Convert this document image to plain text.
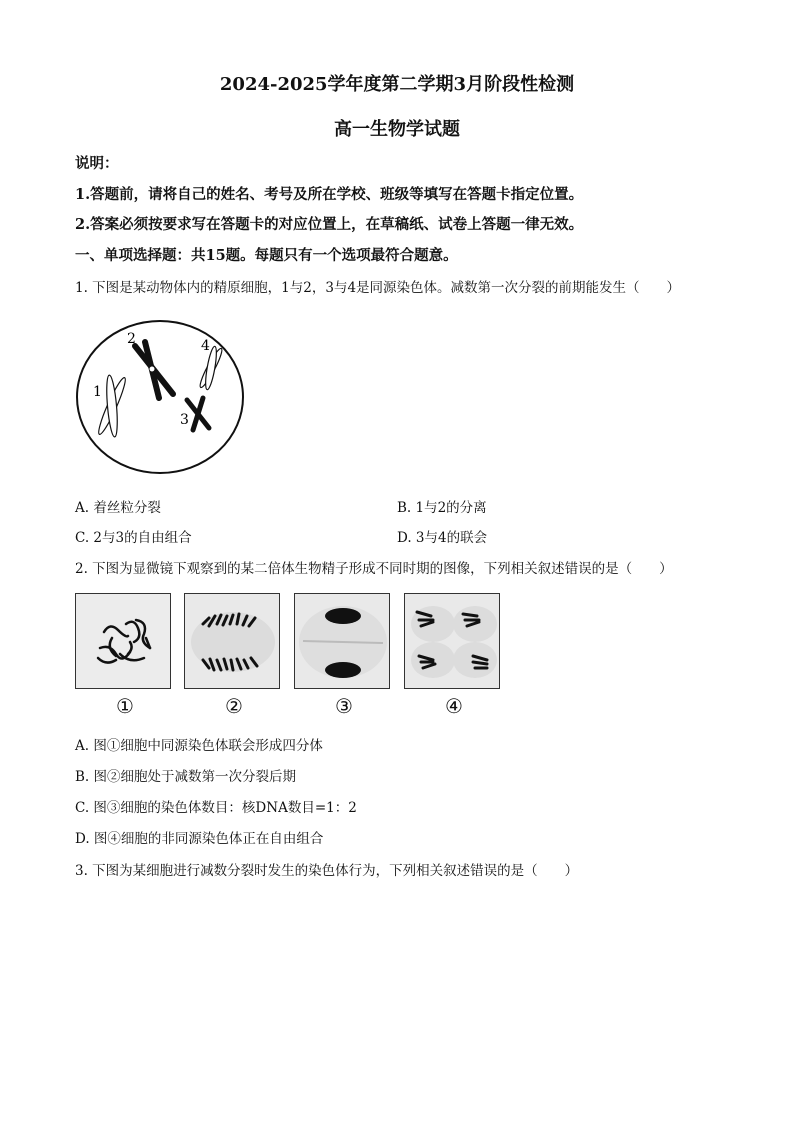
2024-2025学年度第二学期3月阶段性检测
高一生物学试题
说明：
1.答题前，请将自己的姓名、考号及所在学校、班级等填写在答题卡指定位置。
2.答案必须按要求写在答题卡的对应位置上，在草稿纸、试卷上答题一律无效。
一、单项选择题：共15题。每题只有一个选项最符合题意。
1. 下图是某动物体内的精原细胞，1与2，3与4是同源染色体。减数第一次分裂的前期能发生（　　）
1
2
3
4
A. 着丝粒分裂	B. 1与2的分离
C. 2与3的自由组合	D. 3与4的联会
2. 下图为显微镜下观察到的某二倍体生物精子形成不同时期的图像，下列相关叙述错误的是（　　）
①	②	③	④
A. 图①细胞中同源染色体联会形成四分体
B. 图②细胞处于减数第一次分裂后期
C. 图③细胞的染色体数目：核DNA数目=1：2
D. 图④细胞的非同源染色体正在自由组合
3. 下图为某细胞进行减数分裂时发生的染色体行为，下列相关叙述错误的是（　　）
